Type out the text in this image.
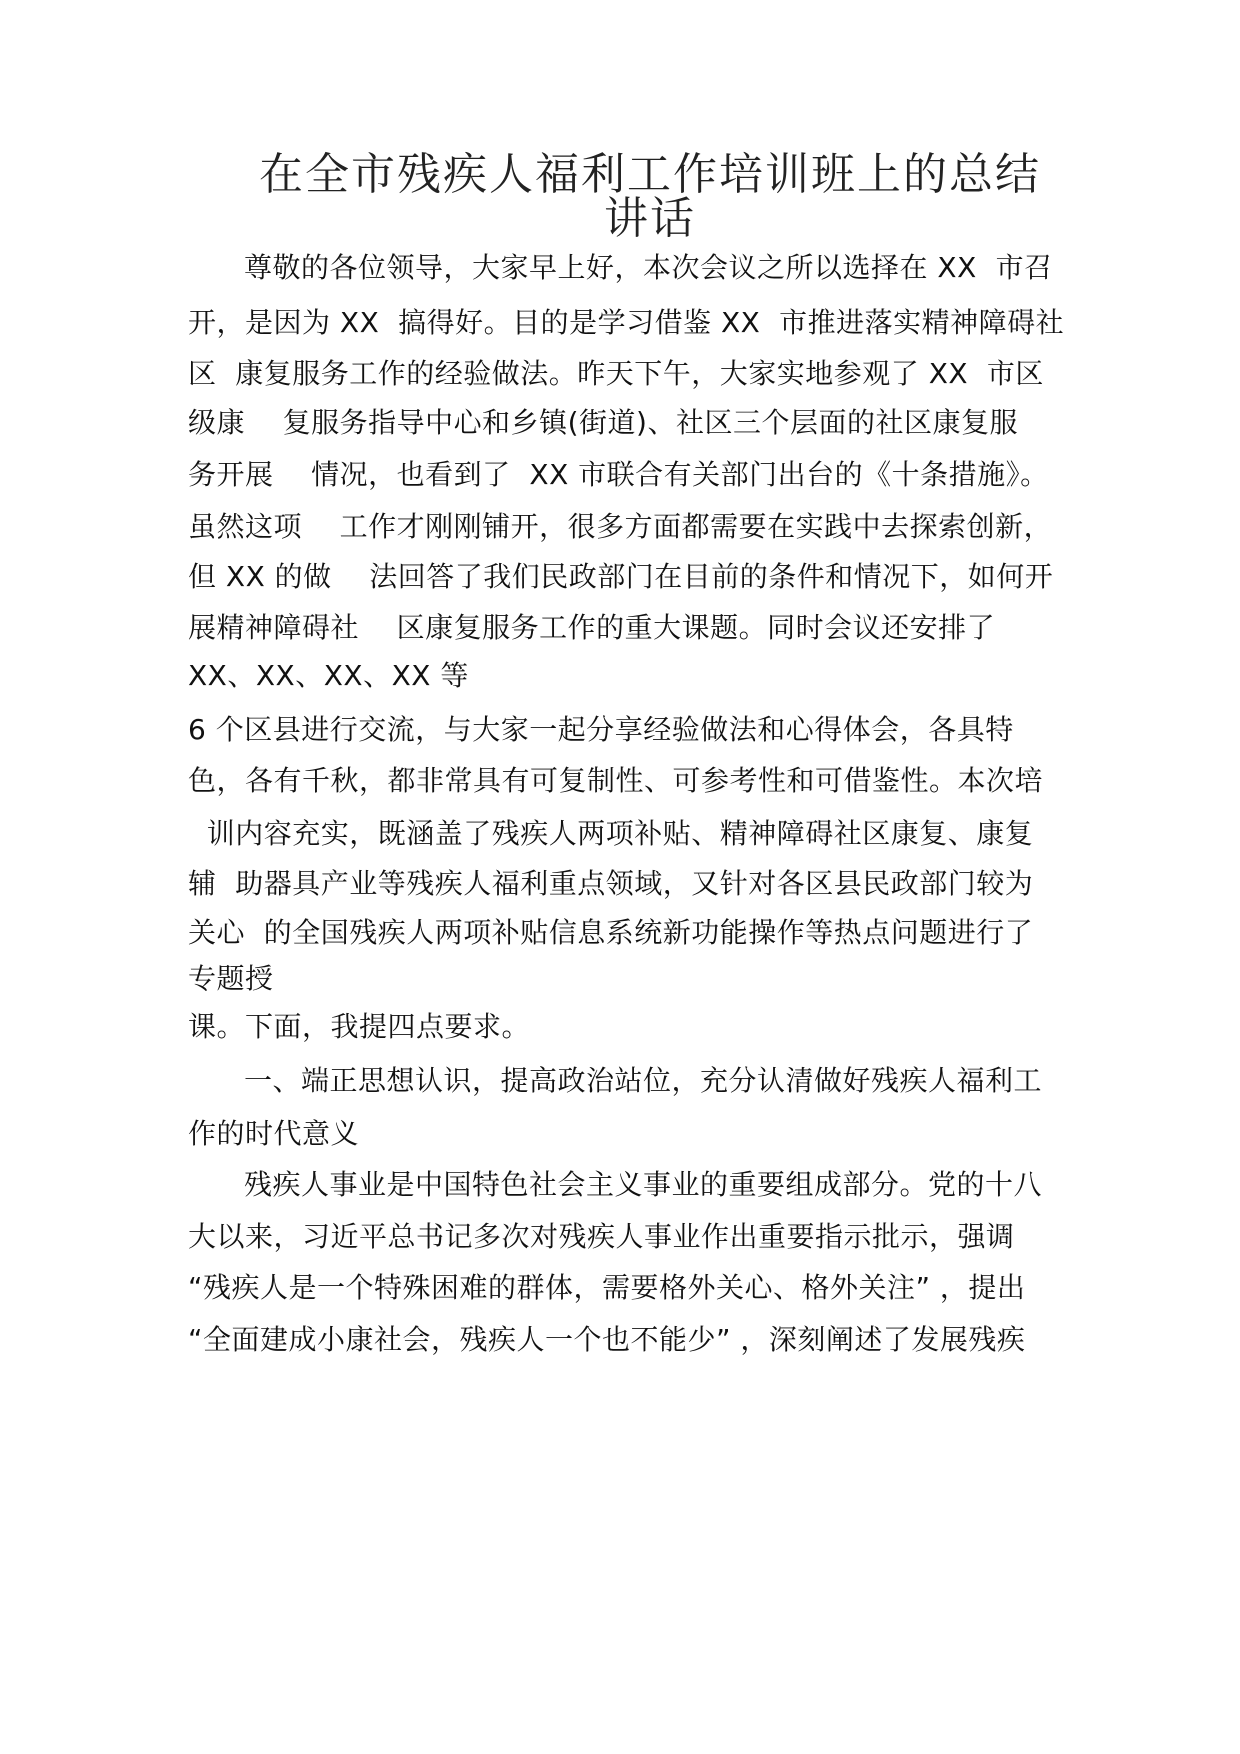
在全市残疾人福利工作培训班上的总结
讲话
尊敬的各位领导，大家早上好，本次会议之所以选择在 XX  市召
开，是因为 XX  搞得好。目的是学习借鉴 XX  市推进落实精神障碍社
区  康复服务工作的经验做法。昨天下午，大家实地参观了 XX  市区
级康    复服务指导中心和乡镇(街道)、社区三个层面的社区康复服
务开展    情况，也看到了  XX 市联合有关部门出台的《十条措施》。
虽然这项    工作才刚刚铺开，很多方面都需要在实践中去探索创新，
但 XX 的做    法回答了我们民政部门在目前的条件和情况下，如何开
展精神障碍社    区康复服务工作的重大课题。同时会议还安排了
XX、XX、XX、XX 等
6 个区县进行交流，与大家一起分享经验做法和心得体会，各具特
色，各有千秋，都非常具有可复制性、可参考性和可借鉴性。本次培
训内容充实，既涵盖了残疾人两项补贴、精神障碍社区康复、康复
辅  助器具产业等残疾人福利重点领域，又针对各区县民政部门较为
关心  的全国残疾人两项补贴信息系统新功能操作等热点问题进行了
专题授
课。下面，我提四点要求。
一、端正思想认识，提高政治站位，充分认清做好残疾人福利工
作的时代意义
残疾人事业是中国特色社会主义事业的重要组成部分。党的十八
大以来，习近平总书记多次对残疾人事业作出重要指示批示，强调
“残疾人是一个特殊困难的群体，需要格外关心、格外关注” ，提出
“全面建成小康社会，残疾人一个也不能少” ，深刻阐述了发展残疾
